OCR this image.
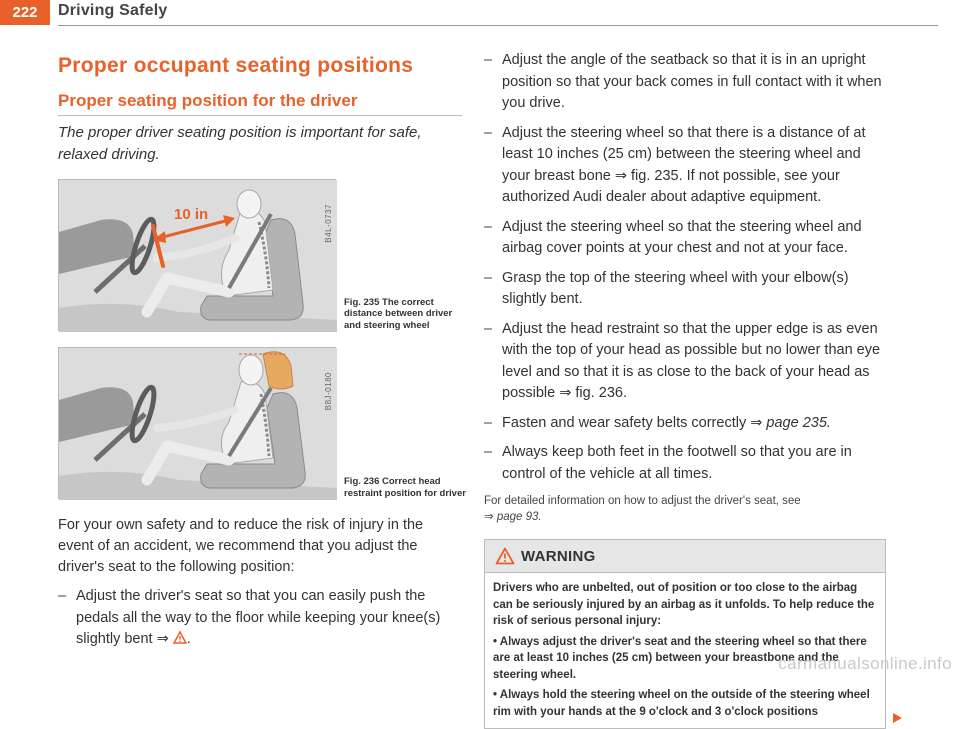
222	Driving Safely
Proper occupant seating positions
Proper seating position for the driver

The proper driver seating position is important for safe, relaxed driving.

10 in	B4L-0737
Fig. 235 The correct distance between driver and steering wheel
B8J-0180
Fig. 236 Correct head restraint position for driver

For your own safety and to reduce the risk of injury in the event of an accident, we recommend that you adjust the driver's seat to the following position:

– Adjust the driver's seat so that you can easily push the pedals all the way to the floor while keeping your knee(s) slightly bent ⇒ .
– Adjust the angle of the seatback so that it is in an upright position so that your back comes in full contact with it when you drive.
– Adjust the steering wheel so that there is a distance of at least 10 inches (25 cm) between the steering wheel and your breast bone ⇒ fig. 235. If not possible, see your authorized Audi dealer about adaptive equipment.
– Adjust the steering wheel so that the steering wheel and airbag cover points at your chest and not at your face.
– Grasp the top of the steering wheel with your elbow(s) slightly bent.
– Adjust the head restraint so that the upper edge is as even with the top of your head as possible but no lower than eye level and so that it is as close to the back of your head as possible ⇒ fig. 236.
– Fasten and wear safety belts correctly ⇒ page 235.
– Always keep both feet in the footwell so that you are in control of the vehicle at all times.

For detailed information on how to adjust the driver's seat, see
⇒ page 93.

WARNING

Drivers who are unbelted, out of position or too close to the airbag can be seriously injured by an airbag as it unfolds. To help reduce the risk of serious personal injury:

• Always adjust the driver's seat and the steering wheel so that there are at least 10 inches (25 cm) between your breastbone and the steering wheel.

• Always hold the steering wheel on the outside of the steering wheel rim with your hands at the 9 o'clock and 3 o'clock positions

carmanualsonline.info
